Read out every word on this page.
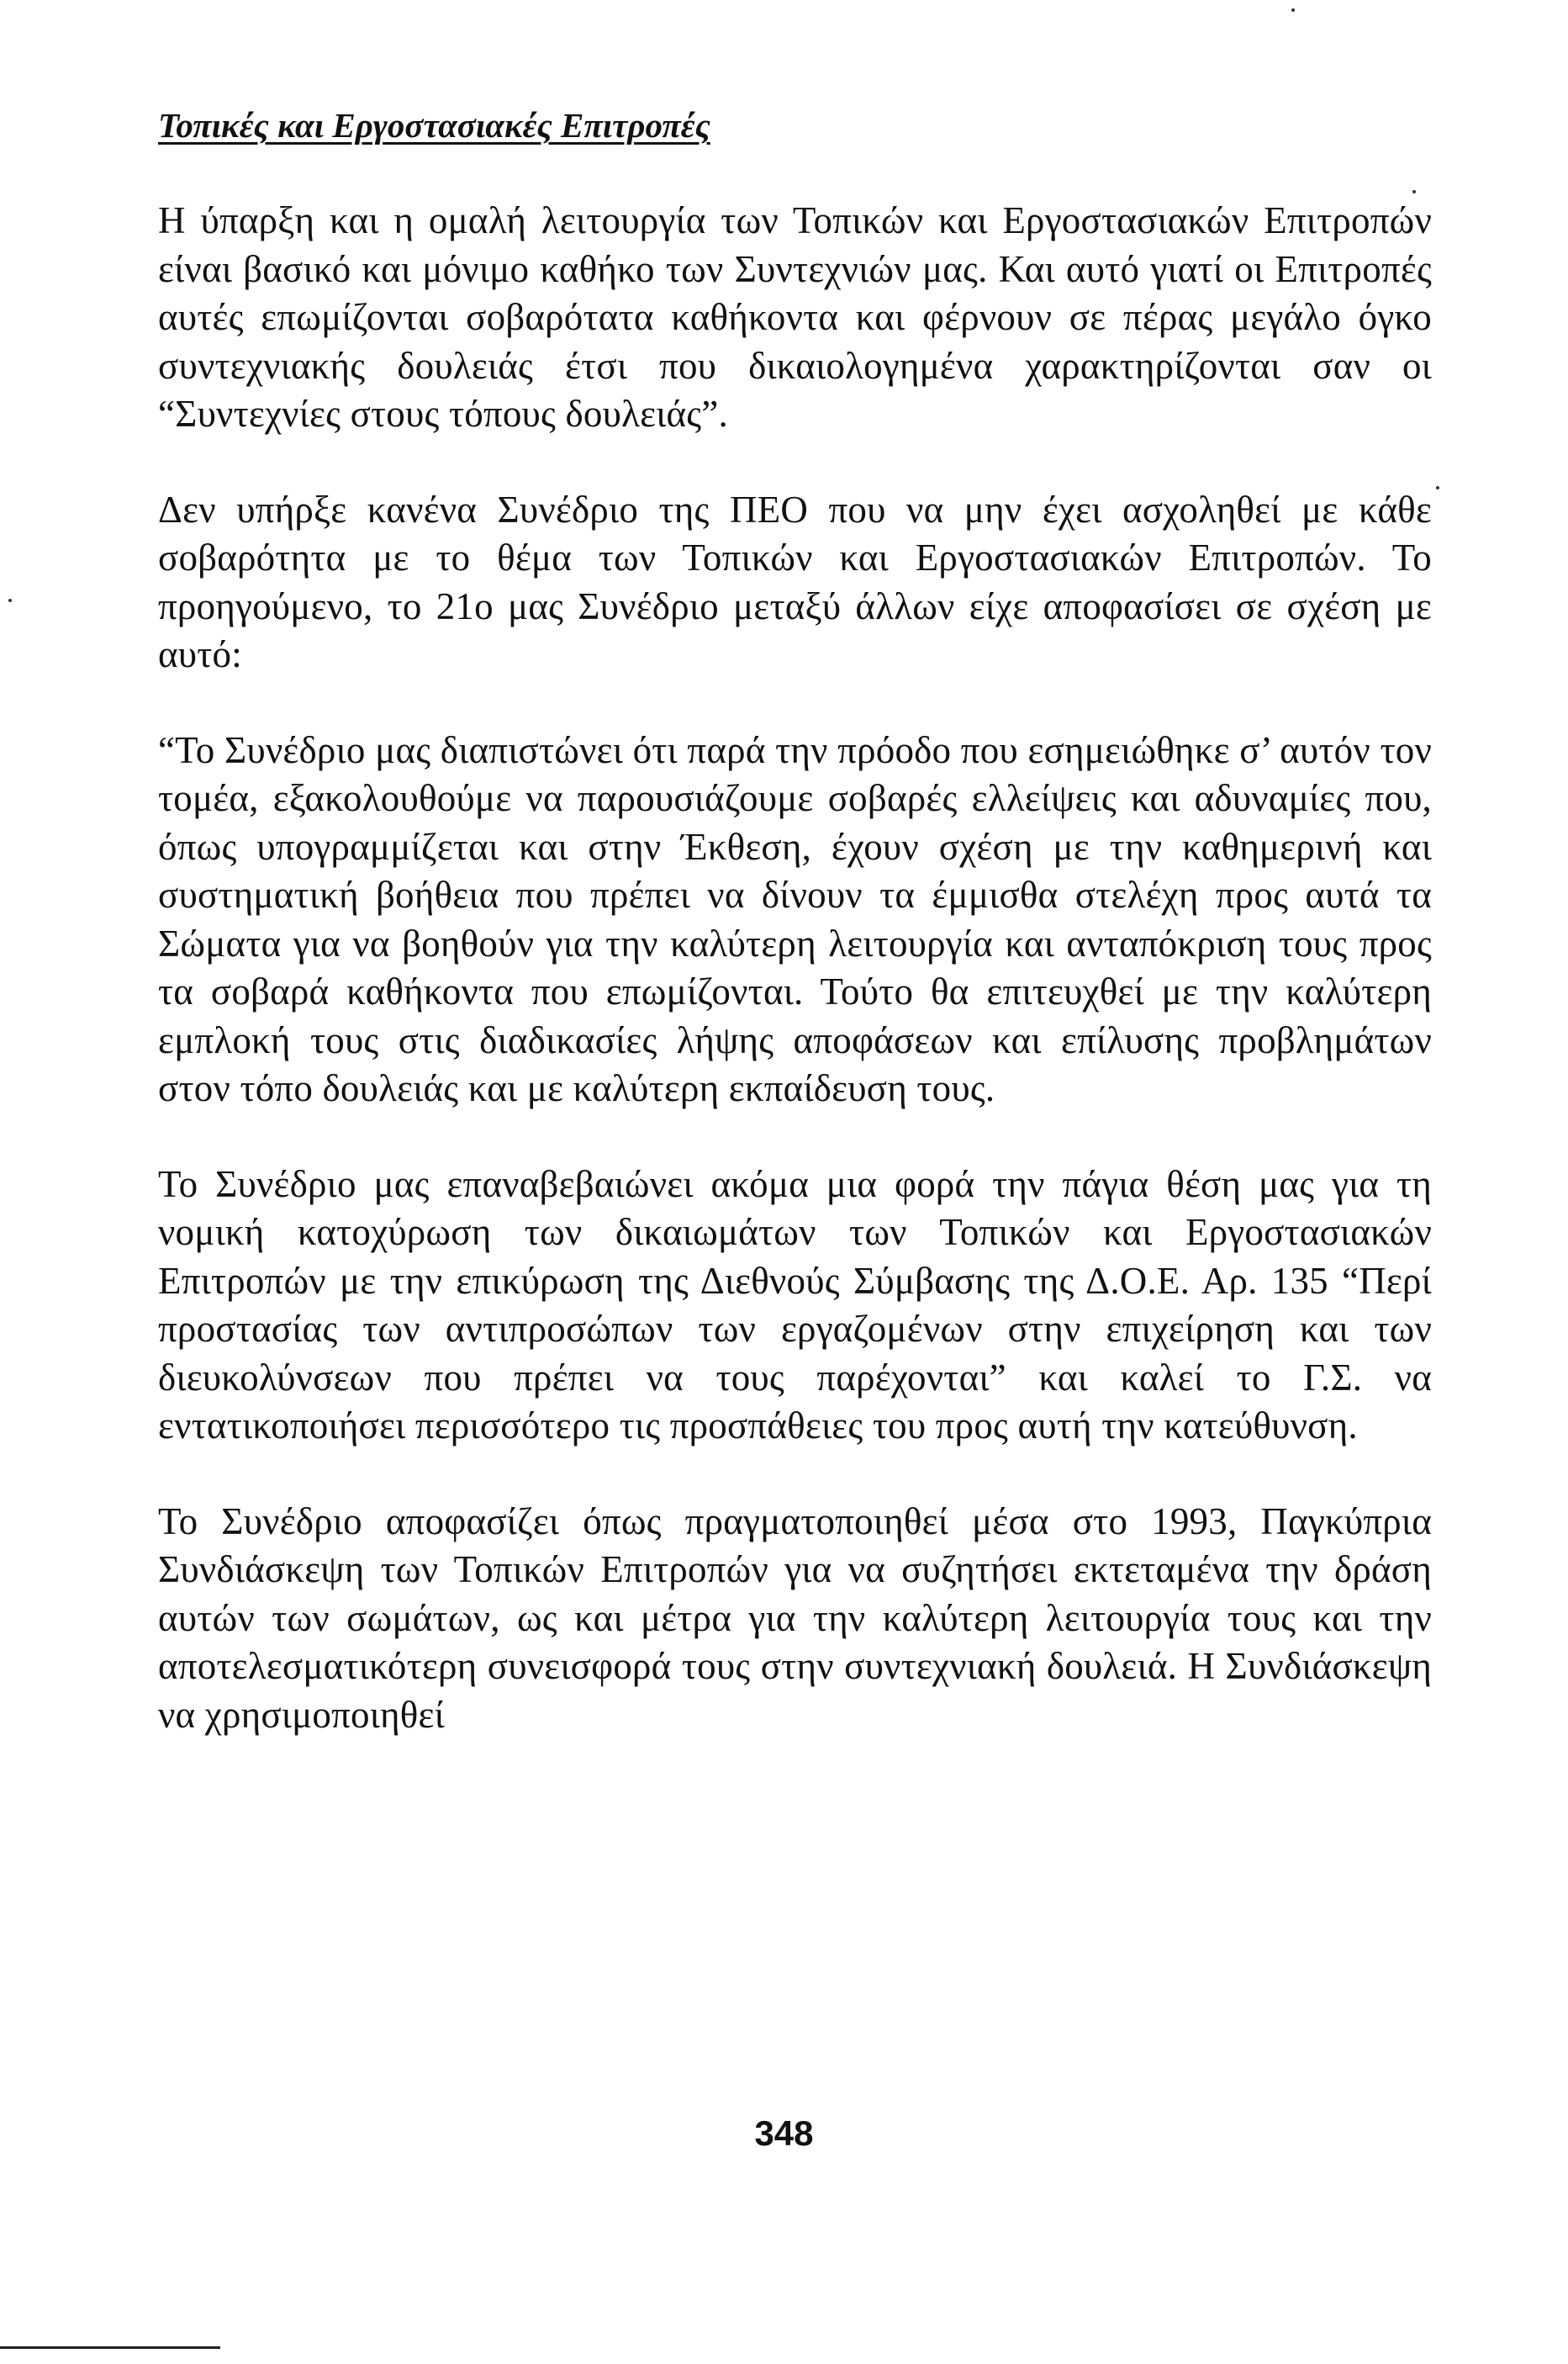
Τοπικές και Εργοστασιακές Επιτροπές

Η ύπαρξη και η ομαλή λειτουργία των Τοπικών και Εργοστασιακών Επιτροπών είναι βασικό και μόνιμο καθήκο των Συντεχνιών μας. Και αυτό γιατί οι Επιτροπές αυτές επωμίζονται σοβαρότατα καθήκοντα και φέρνουν σε πέρας μεγάλο όγκο συντεχνιακής δουλειάς έτσι που δικαιολογημένα χαρακτηρίζονται σαν οι “Συντεχνίες στους τόπους δουλειάς”.

Δεν υπήρξε κανένα Συνέδριο της ΠΕΟ που να μην έχει ασχοληθεί με κάθε σοβαρότητα με το θέμα των Τοπικών και Εργοστασιακών Επιτροπών. Το προηγούμενο, το 21ο μας Συνέδριο μεταξύ άλλων είχε αποφασίσει σε σχέση με αυτό:

“Το Συνέδριο μας διαπιστώνει ότι παρά την πρόοδο που εσημειώθηκε σ’ αυτόν τον τομέα, εξακολουθούμε να παρουσιάζουμε σοβαρές ελλείψεις και αδυναμίες που, όπως υπογραμμίζεται και στην Έκθεση, έχουν σχέση με την καθημερινή και συστηματική βοήθεια που πρέπει να δίνουν τα έμμισθα στελέχη προς αυτά τα Σώματα για να βοηθούν για την καλύτερη λειτουργία και ανταπόκριση τους προς τα σοβαρά καθήκοντα που επωμίζονται. Τούτο θα επιτευχθεί με την καλύτερη εμπλοκή τους στις διαδικασίες λήψης αποφάσεων και επίλυσης προβλημάτων στον τόπο δουλειάς και με καλύτερη εκπαίδευση τους.

Το Συνέδριο μας επαναβεβαιώνει ακόμα μια φορά την πάγια θέση μας για τη νομική κατοχύρωση των δικαιωμάτων των Τοπικών και Εργοστασιακών Επιτροπών με την επικύρωση της Διεθνούς Σύμβασης της Δ.Ο.Ε. Αρ. 135 “Περί προστασίας των αντιπροσώπων των εργαζομένων στην επιχείρηση και των διευκολύνσεων που πρέπει να τους παρέχονται” και καλεί το Γ.Σ. να εντατικοποιήσει περισσότερο τις προσπάθειες του προς αυτή την κατεύθυνση.

Το Συνέδριο αποφασίζει όπως πραγματοποιηθεί μέσα στο 1993, Παγκύπρια Συνδιάσκεψη των Τοπικών Επιτροπών για να συζητήσει εκτεταμένα την δράση αυτών των σωμάτων, ως και μέτρα για την καλύτερη λειτουργία τους και την αποτελεσματικότερη συνεισφορά τους στην συντεχνιακή δουλειά. Η Συνδιάσκεψη να χρησιμοποιηθεί

348
